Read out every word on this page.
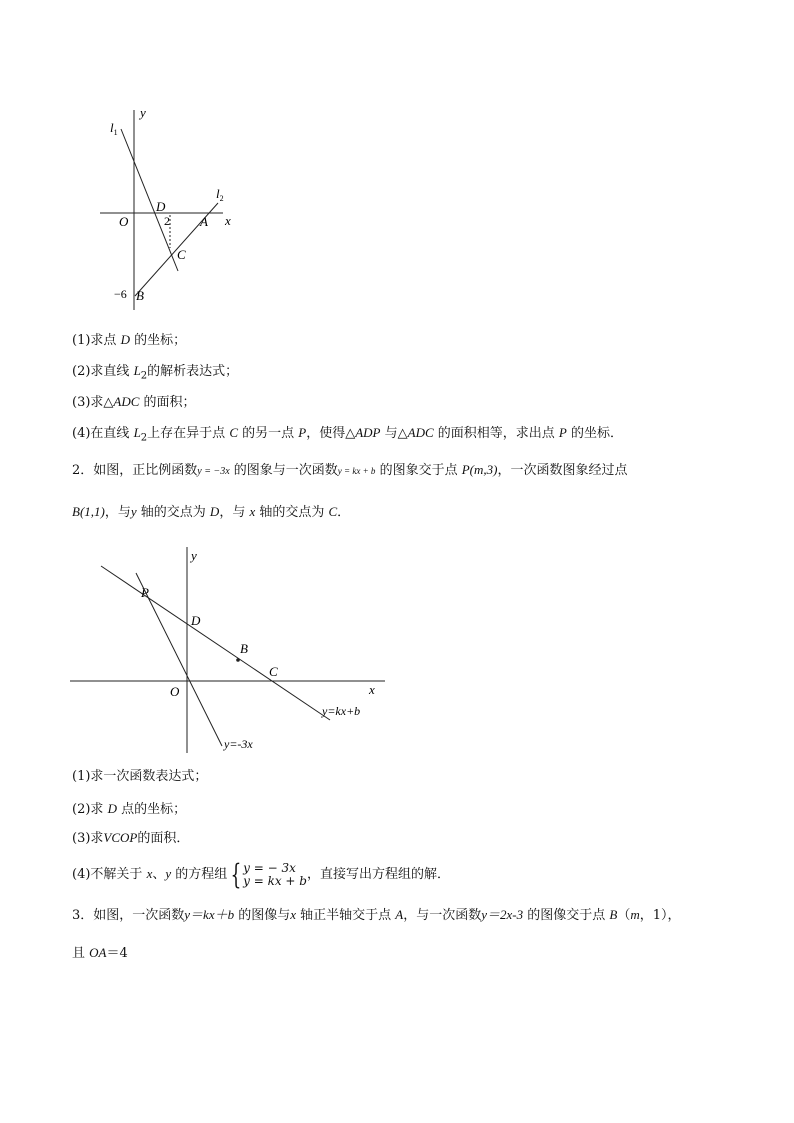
y
x
$l_1$
$l_2$
O
D
2 A
C
−6 B
(1)求点 D 的坐标；
(2)求直线 $L_2$的解析表达式；
(3)求△ADC 的面积；
(4)在直线 $L_2$上存在异于点 C 的另一点 P，使得△ADP 与△ADC 的面积相等，求出点 P 的坐标．
2．如图，正比例函数y = −3x 的图象与一次函数y = kx + b 的图象交于点 P(m,3)，一次函数图象经过点
B(1,1)，与y 轴的交点为 D，与 x 轴的交点为 C．
y
x
O
P
D
B
C
y=kx+b
y=-3x
(1)求一次函数表达式；
(2)求 D 点的坐标；
(3)求VCOP的面积．
(4)不解关于 x、y 的方程组 { y = − 3x
y = kx + b ，直接写出方程组的解．
3．如图，一次函数y＝kx＋b 的图像与x 轴正半轴交于点 A，与一次函数y＝2x-3 的图像交于点 B（m，1），
且 OA＝4
